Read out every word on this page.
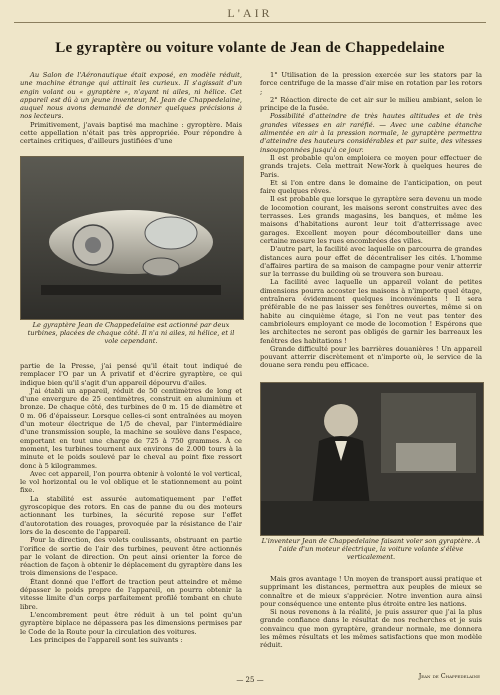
L'AIR
Le gyraptère ou voiture volante de Jean de Chappedelaine

Au Salon de l'Aéronautique était exposé, en modèle réduit, une machine étrange qui attirait les curieux. Il s'agissait d'un engin volant ou « gyraptère », n'ayant ni ailes, ni hélice. Cet appareil est dû à un jeune inventeur, M. Jean de Chappedelaine, auquel nous avons demandé de donner quelques précisions à nos lecteurs.

Primitivement, j'avais baptisé ma machine : gyroptère. Mais cette appellation n'était pas très appropriée. Pour répondre à certaines critiques, d'ailleurs justifiées d'une

Le gyraptère Jean de Chappedelaine est actionné par deux turbines, placées de chaque côté. Il n'a ni ailes, ni hélice, et il vole cependant.

partie de la Presse, j'ai pensé qu'il était tout indiqué de remplacer l'O par un A privatif et d'écrire gyraptère, ce qui indique bien qu'il s'agit d'un appareil dépourvu d'ailes.

J'ai établi un appareil, réduit de 50 centimètres de long et d'une envergure de 25 centimètres, construit en aluminium et bronze. De chaque côté, des turbines de 0 m. 15 de diamètre et 0 m. 06 d'épaisseur. Lorsque celles-ci sont entraînées au moyen d'un moteur électrique de 1/5 de cheval, par l'intermédiaire d'une transmission souple, la machine se soulève dans l'espace, emportant en tout une charge de 725 à 750 grammes. À ce moment, les turbines tournent aux environs de 2.000 tours à la minute et le poids soulevé par le cheval au point fixe ressort donc à 5 kilogrammes.

Avec cet appareil, l'on pourra obtenir à volonté le vol vertical, le vol horizontal ou le vol oblique et le stationnement au point fixe.

La stabilité est assurée automatiquement par l'effet gyroscopique des rotors. En cas de panne du ou des moteurs actionnant les turbines, la sécurité repose sur l'effet d'autorotation des rouages, provoquée par la résistance de l'air lors de la descente de l'appareil.

Pour la direction, des volets coulissants, obstruant en partie l'orifice de sortie de l'air des turbines, peuvent être actionnés par le volant de direction. On peut ainsi orienter la force de réaction de façon à obtenir le déplacement du gyraptère dans les trois dimensions de l'espace.

Étant donné que l'effort de traction peut atteindre et même dépasser le poids propre de l'appareil, on pourra obtenir la vitesse limite d'un corps parfaitement profilé tombant en chute libre.

L'encombrement peut être réduit à un tel point qu'un gyraptère biplace ne dépassera pas les dimensions permises par le Code de la Route pour la circulation des voitures.

Les principes de l'appareil sont les suivants :

1° Utilisation de la pression exercée sur les stators par la force centrifuge de la masse d'air mise en rotation par les rotors ;

2° Réaction directe de cet air sur le milieu ambiant, selon le principe de la fusée.

Possibilité d'atteindre de très hautes altitudes et de très grandes vitesses en air raréfié. — Avec une cabine étanche alimentée en air à la pression normale, le gyraptère permettra d'atteindre des hauteurs considérables et par suite, des vitesses insoupçonnées jusqu'à ce jour.

Il est probable qu'on emploiera ce moyen pour effectuer de grands trajets. Cela mettrait New-York à quelques heures de Paris.

Et si l'on entre dans le domaine de l'anticipation, on peut faire quelques rêves.

Il est probable que lorsque le gyraptère sera devenu un mode de locomotion courant, les maisons seront construites avec des terrasses. Les grands magasins, les banques, et même les maisons d'habitations auront leur toit d'atterrissage avec garages. Excellent moyen pour décombouteiller dans une certaine mesure les rues encombrées des villes.

D'autre part, la facilité avec laquelle on parcourra de grandes distances aura pour effet de décentraliser les cités. L'homme d'affaires partira de sa maison de campagne pour venir atterrir sur la terrasse du building où se trouvera son bureau.

La facilité avec laquelle un appareil volant de petites dimensions pourra accoster les maisons à n'importe quel étage, entraînera évidemment quelques inconvénients ! Il sera préférable de ne pas laisser ses fenêtres ouvertes, même si on habite au cinquième étage, si l'on ne veut pas tenter des cambrioleurs employant ce mode de locomotion ! Espérons que les architectes ne seront pas obligés de garnir les barreaux les fenêtres des habitations !

Grande difficulté pour les barrières douanières ! Un appareil pouvant atterrir discrètement et n'importe où, le service de la douane sera rendu peu efficace.

L'inventeur Jean de Chappedelaine faisant voler son gyraptère. À l'aide d'un moteur électrique, la voiture volante s'élève verticalement.

Mais gros avantage ! Un moyen de transport aussi pratique et supprimant les distances, permettra aux peuples de mieux se connaître et de mieux s'apprécier. Notre invention aura ainsi pour conséquence une entente plus étroite entre les nations.

Si nous revenons à la réalité, je puis assurer que j'ai la plus grande confiance dans le résultat de nos recherches et je suis convaincu que mon gyraptère, grandeur normale, me donnera les mêmes résultats et les mêmes satisfactions que mon modèle réduit.

Jean de Chappedelaine
— 25 —
